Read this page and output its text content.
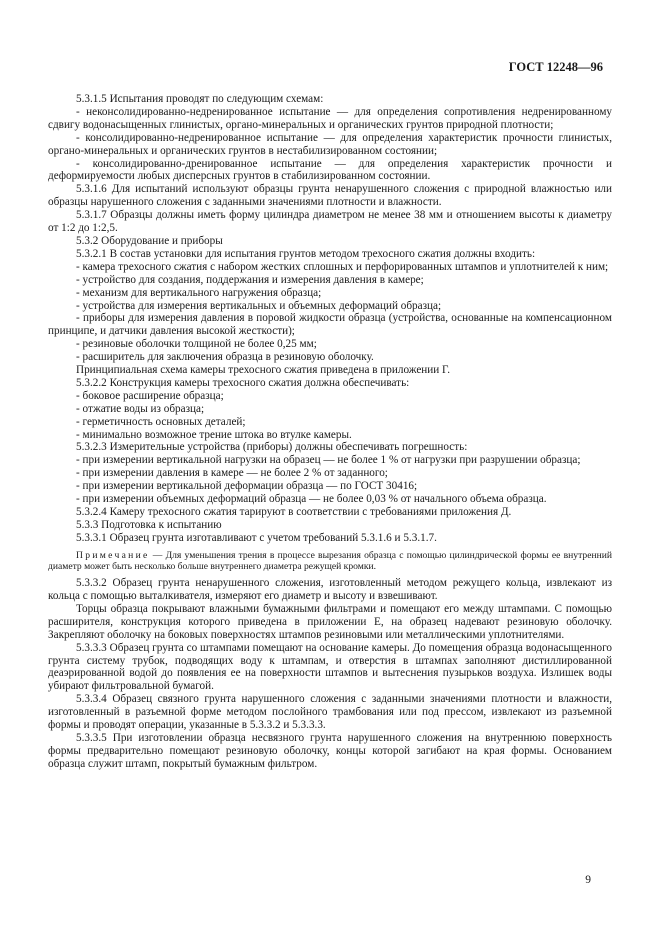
ГОСТ 12248—96

5.3.1.5 Испытания проводят по следующим схемам:

- неконсолидированно-недренированное испытание — для определения сопротивления недренированному сдвигу водонасыщенных глинистых, органо-минеральных и органических грунтов природной плотности;

- консолидированно-недренированное испытание — для определения характеристик прочности глинистых, органо-минеральных и органических грунтов в нестабилизированном состоянии;

- консолидированно-дренированное испытание — для определения характеристик прочности и деформируемости любых дисперсных грунтов в стабилизированном состоянии.

5.3.1.6 Для испытаний используют образцы грунта ненарушенного сложения с природной влажностью или образцы нарушенного сложения с заданными значениями плотности и влажности.

5.3.1.7 Образцы должны иметь форму цилиндра диаметром не менее 38 мм и отношением высоты к диаметру от 1:2 до 1:2,5.

5.3.2 Оборудование и приборы

5.3.2.1 В состав установки для испытания грунтов методом трехосного сжатия должны входить:

- камера трехосного сжатия с набором жестких сплошных и перфорированных штампов и уплотнителей к ним;

- устройство для создания, поддержания и измерения давления в камере;

- механизм для вертикального нагружения образца;

- устройства для измерения вертикальных и объемных деформаций образца;

- приборы для измерения давления в поровой жидкости образца (устройства, основанные на компенсационном принципе, и датчики давления высокой жесткости);

- резиновые оболочки толщиной не более 0,25 мм;

- расширитель для заключения образца в резиновую оболочку.

Принципиальная схема камеры трехосного сжатия приведена в приложении Г.

5.3.2.2 Конструкция камеры трехосного сжатия должна обеспечивать:

- боковое расширение образца;

- отжатие воды из образца;

- герметичность основных деталей;

- минимально возможное трение штока во втулке камеры.

5.3.2.3 Измерительные устройства (приборы) должны обеспечивать погрешность:

- при измерении вертикальной нагрузки на образец — не более 1 % от нагрузки при разрушении образца;

- при измерении давления в камере — не более 2 % от заданного;

- при измерении вертикальной деформации образца — по ГОСТ 30416;

- при измерении объемных деформаций образца — не более 0,03 % от начального объема образца.

5.3.2.4 Камеру трехосного сжатия тарируют в соответствии с требованиями приложения Д.

5.3.3 Подготовка к испытанию

5.3.3.1 Образец грунта изготавливают с учетом требований 5.3.1.6 и 5.3.1.7.

Примечание — Для уменьшения трения в процессе вырезания образца с помощью цилиндрической формы ее внутренний диаметр может быть несколько больше внутреннего диаметра режущей кромки.

5.3.3.2 Образец грунта ненарушенного сложения, изготовленный методом режущего кольца, извлекают из кольца с помощью выталкивателя, измеряют его диаметр и высоту и взвешивают.

Торцы образца покрывают влажными бумажными фильтрами и помещают его между штампами. С помощью расширителя, конструкция которого приведена в приложении Е, на образец надевают резиновую оболочку. Закрепляют оболочку на боковых поверхностях штампов резиновыми или металлическими уплотнителями.

5.3.3.3 Образец грунта со штампами помещают на основание камеры. До помещения образца водонасыщенного грунта систему трубок, подводящих воду к штампам, и отверстия в штампах заполняют дистиллированной деаэрированной водой до появления ее на поверхности штампов и вытеснения пузырьков воздуха. Излишек воды убирают фильтровальной бумагой.

5.3.3.4 Образец связного грунта нарушенного сложения с заданными значениями плотности и влажности, изготовленный в разъемной форме методом послойного трамбования или под прессом, извлекают из разъемной формы и проводят операции, указанные в 5.3.3.2 и 5.3.3.3.

5.3.3.5 При изготовлении образца несвязного грунта нарушенного сложения на внутреннюю поверхность формы предварительно помещают резиновую оболочку, концы которой загибают на края формы. Основанием образца служит штамп, покрытый бумажным фильтром.

9
